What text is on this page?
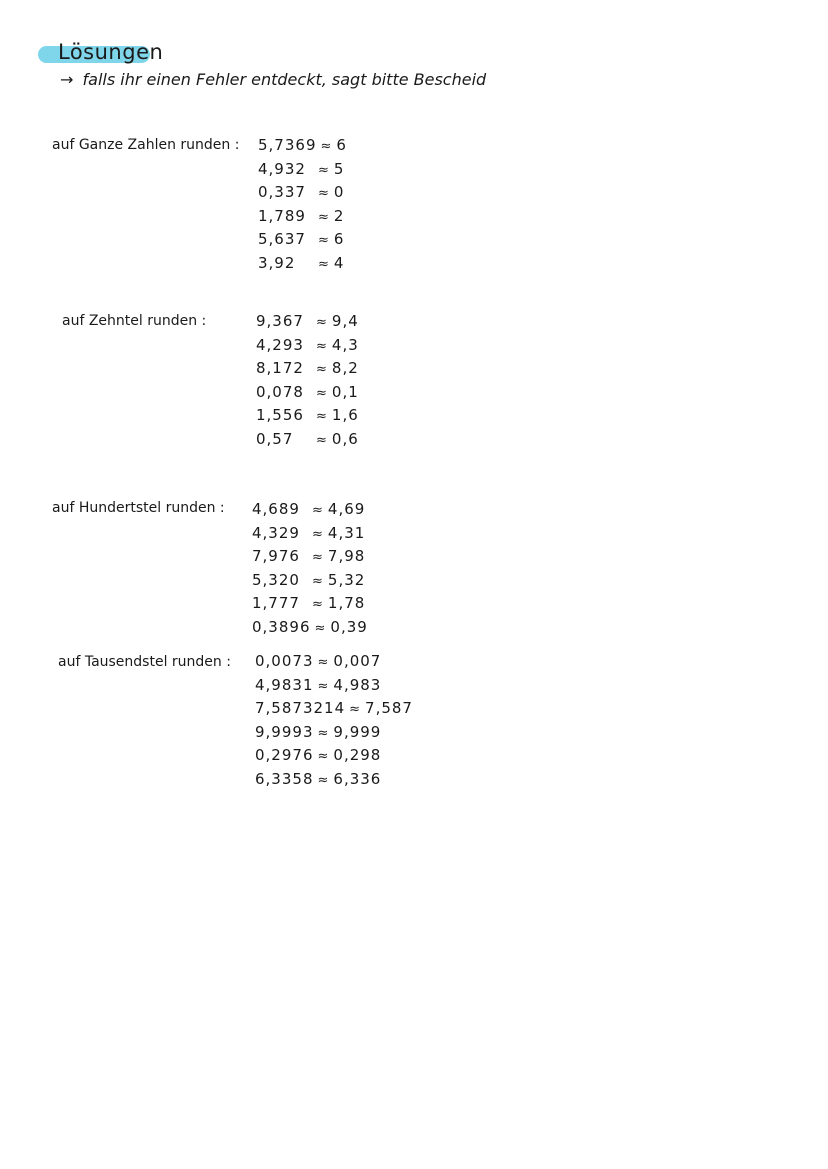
Lösungen
→ falls ihr einen Fehler entdeckt, sagt bitte Bescheid
auf Ganze Zahlen runden : 5,7369 ≈ 6
4,932 ≈ 5
0,337 ≈ 0
1,789 ≈ 2
5,637 ≈ 6
3,92 ≈ 4
auf Zehntel runden :	9,367 ≈ 9,4
4,293 ≈ 4,3
8,172 ≈ 8,2
0,078 ≈ 0,1
1,556 ≈ 1,6
0,57 ≈ 0,6
auf Hundertstel runden : 4,689 ≈ 4,69
4,329 ≈ 4,31
7,976 ≈ 7,98
5,320 ≈ 5,32
1,777 ≈ 1,78
0,3896 ≈ 0,39
auf Tausendstel runden : 0,0073 ≈ 0,007
4,9831 ≈ 4,983
7,5873214 ≈ 7,587
9,9993 ≈ 9,999
0,2976 ≈ 0,298
6,3358 ≈ 6,336
